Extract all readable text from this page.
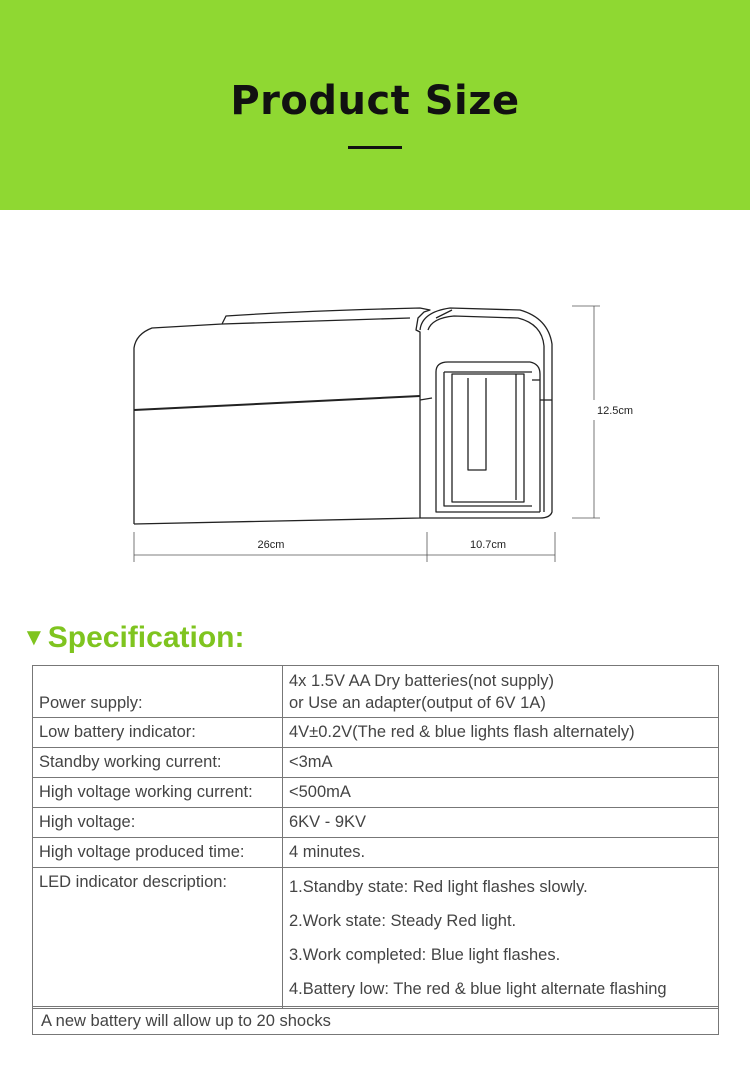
Product Size
12.5cm
26cm	10.7cm
▼Specification:
Power supply:	4x 1.5V AA Dry batteries(not supply)
or Use an adapter(output of 6V 1A)

Low battery indicator:	4V±0.2V(The red & blue lights flash alternately)
Standby working current:	<3mA
High voltage working current:	<500mA
High voltage:	6KV - 9KV
High voltage produced time:	4 minutes.
LED indicator description:	1.Standby state: Red light flashes slowly.
2.Work state: Steady Red light.
3.Work completed: Blue light flashes.
4.Battery low: The red & blue light alternate flashing
A new battery will allow up to 20 shocks
